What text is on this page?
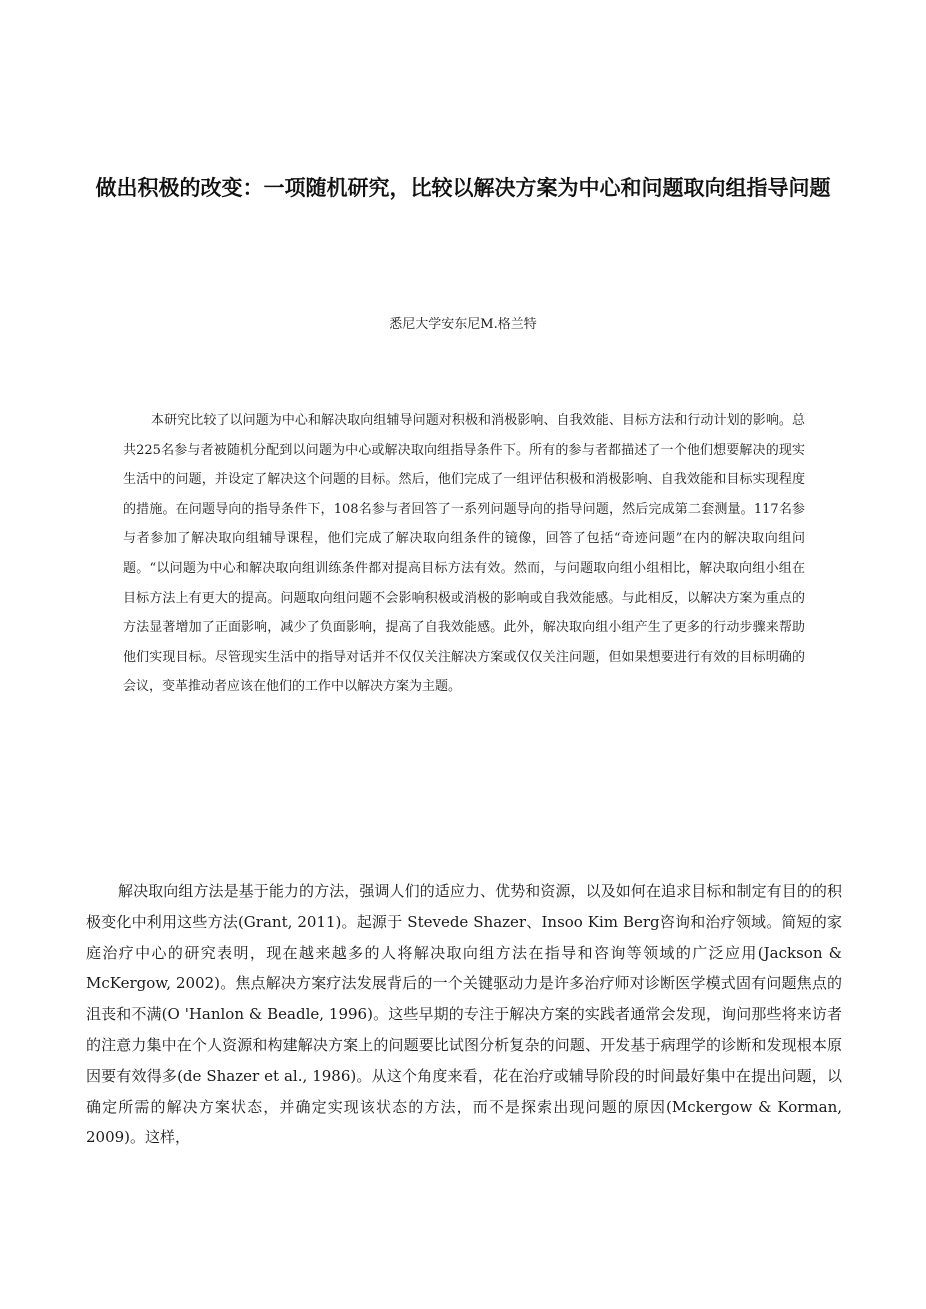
做出积极的改变：一项随机研究，比较以解决方案为中心和问题取向组指导问题

悉尼大学安东尼M.格兰特

本研究比较了以问题为中心和解决取向组辅导问题对积极和消极影响、自我效能、目标方法和行动计划的影响。总共225名参与者被随机分配到以问题为中心或解决取向组指导条件下。所有的参与者都描述了一个他们想要解决的现实生活中的问题，并设定了解决这个问题的目标。然后，他们完成了一组评估积极和消极影响、自我效能和目标实现程度的措施。在问题导向的指导条件下，108名参与者回答了一系列问题导向的指导问题，然后完成第二套测量。117名参与者参加了解决取向组辅导课程，他们完成了解决取向组条件的镜像，回答了包括“奇迹问题”在内的解决取向组问题。“以问题为中心和解决取向组训练条件都对提高目标方法有效。然而，与问题取向组小组相比，解决取向组小组在目标方法上有更大的提高。问题取向组问题不会影响积极或消极的影响或自我效能感。与此相反，以解决方案为重点的方法显著增加了正面影响，减少了负面影响，提高了自我效能感。此外，解决取向组小组产生了更多的行动步骤来帮助他们实现目标。尽管现实生活中的指导对话并不仅仅关注解决方案或仅仅关注问题，但如果想要进行有效的目标明确的会议，变革推动者应该在他们的工作中以解决方案为主题。

解决取向组方法是基于能力的方法，强调人们的适应力、优势和资源，以及如何在追求目标和制定有目的的积极变化中利用这些方法(Grant, 2011)。起源于 Stevede Shazer、Insoo Kim Berg咨询和治疗领域。简短的家庭治疗中心的研究表明，现在越来越多的人将解决取向组方法在指导和咨询等领域的广泛应用(Jackson & McKergow, 2002)。焦点解决方案疗法发展背后的一个关键驱动力是许多治疗师对诊断医学模式固有问题焦点的沮丧和不满(O 'Hanlon & Beadle, 1996)。这些早期的专注于解决方案的实践者通常会发现，询问那些将来访者的注意力集中在个人资源和构建解决方案上的问题要比试图分析复杂的问题、开发基于病理学的诊断和发现根本原因要有效得多(de Shazer et al., 1986)。从这个角度来看，花在治疗或辅导阶段的时间最好集中在提出问题，以确定所需的解决方案状态，并确定实现该状态的方法，而不是探索出现问题的原因(Mckergow & Korman, 2009)。这样，
